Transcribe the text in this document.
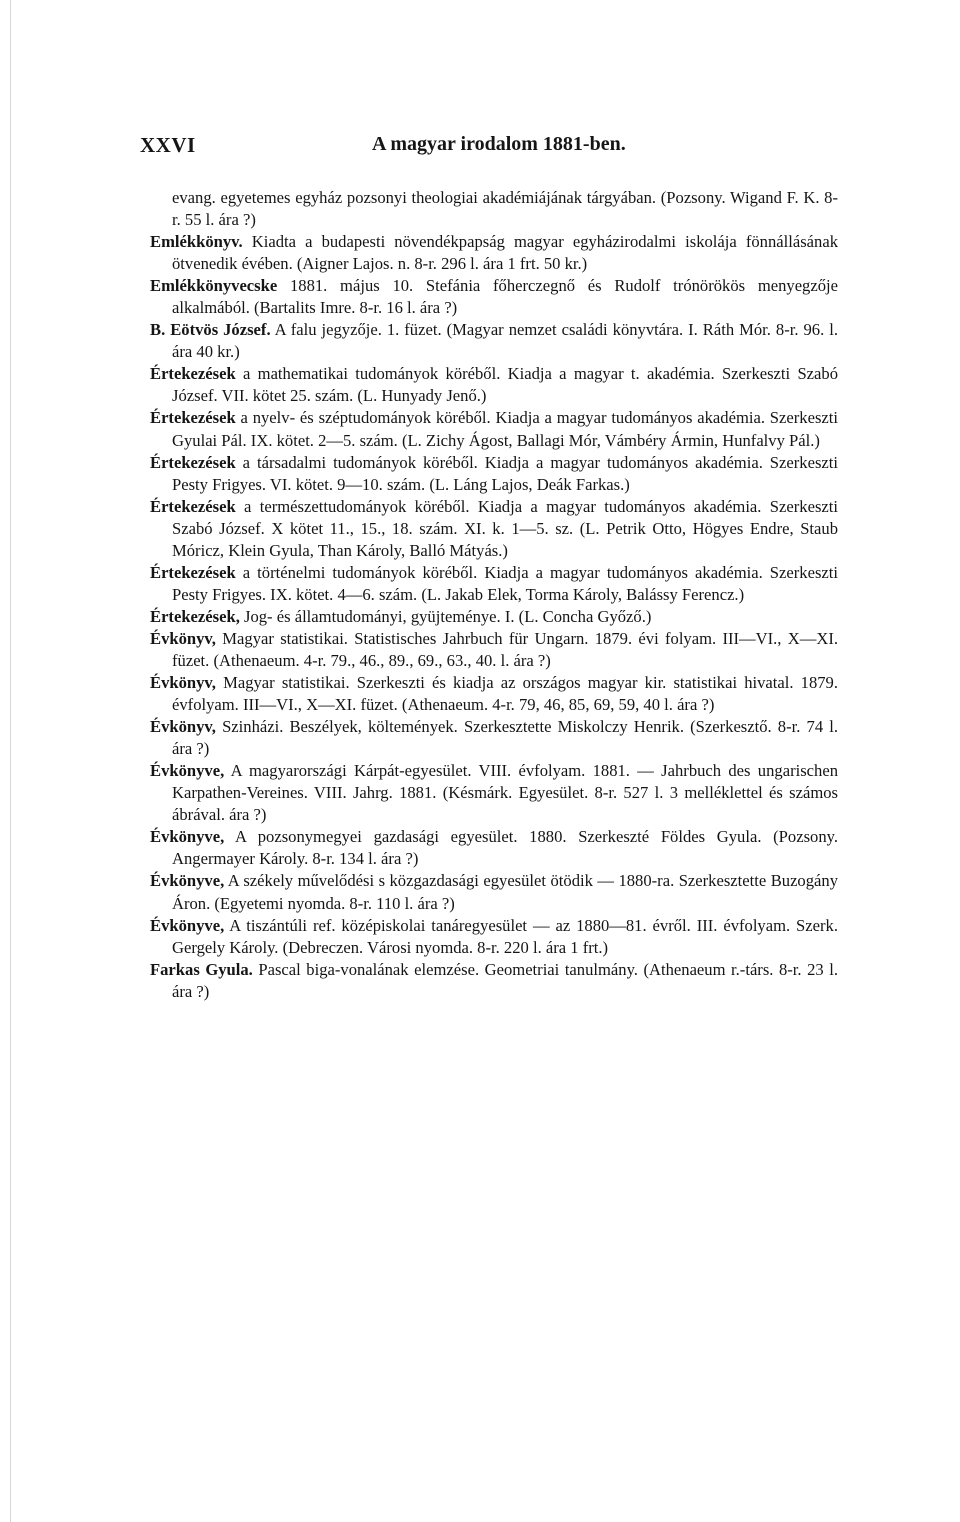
XXVI	A magyar irodalom 1881-ben.

evang. egyetemes egyház pozsonyi theologiai akadémiájának tárgyában. (Pozsony. Wigand F. K. 8-r. 55 l. ára ?)

Emlékkönyv. Kiadta a budapesti növendékpapság magyar egyházirodalmi iskolája fönnállásának ötvenedik évében. (Aigner Lajos. n. 8-r. 296 l. ára 1 frt. 50 kr.)

Emlékkönyvecske 1881. május 10. Stefánia főherczegnő és Rudolf trónörökös menyegzője alkalmából. (Bartalits Imre. 8-r. 16 l. ára ?)

B. Eötvös József. A falu jegyzője. 1. füzet. (Magyar nemzet családi könyvtára. I. Ráth Mór. 8-r. 96. l. ára 40 kr.)

Értekezések a mathematikai tudományok köréből. Kiadja a magyar t. akadémia. Szerkeszti Szabó József. VII. kötet 25. szám. (L. Hunyady Jenő.)

Értekezések a nyelv- és széptudományok köréből. Kiadja a magyar tudományos akadémia. Szerkeszti Gyulai Pál. IX. kötet. 2—5. szám. (L. Zichy Ágost, Ballagi Mór, Vámbéry Ármin, Hunfalvy Pál.)

Értekezések a társadalmi tudományok köréből. Kiadja a magyar tudományos akadémia. Szerkeszti Pesty Frigyes. VI. kötet. 9—10. szám. (L. Láng Lajos, Deák Farkas.)

Értekezések a természettudományok köréből. Kiadja a magyar tudományos akadémia. Szerkeszti Szabó József. X kötet 11., 15., 18. szám. XI. k. 1—5. sz. (L. Petrik Otto, Högyes Endre, Staub Móricz, Klein Gyula, Than Károly, Balló Mátyás.)

Értekezések a történelmi tudományok köréből. Kiadja a magyar tudományos akadémia. Szerkeszti Pesty Frigyes. IX. kötet. 4—6. szám. (L. Jakab Elek, Torma Károly, Balássy Ferencz.)

Értekezések, Jog- és államtudományi, gyüjteménye. I. (L. Concha Győző.)

Évkönyv, Magyar statistikai. Statistisches Jahrbuch für Ungarn. 1879. évi folyam. III—VI., X—XI. füzet. (Athenaeum. 4-r. 79., 46., 89., 69., 63., 40. l. ára ?)

Évkönyv, Magyar statistikai. Szerkeszti és kiadja az országos magyar kir. statistikai hivatal. 1879. évfolyam. III—VI., X—XI. füzet. (Athenaeum. 4-r. 79, 46, 85, 69, 59, 40 l. ára ?)

Évkönyv, Szinházi. Beszélyek, költemények. Szerkesztette Miskolczy Henrik. (Szerkesztő. 8-r. 74 l. ára ?)

Évkönyve, A magyarországi Kárpát-egyesület. VIII. évfolyam. 1881. — Jahrbuch des ungarischen Karpathen-Vereines. VIII. Jahrg. 1881. (Késmárk. Egyesület. 8-r. 527 l. 3 melléklettel és számos ábrával. ára ?)

Évkönyve, A pozsonymegyei gazdasági egyesület. 1880. Szerkeszté Földes Gyula. (Pozsony. Angermayer Károly. 8-r. 134 l. ára ?)

Évkönyve, A székely művelődési s közgazdasági egyesület ötödik — 1880-ra. Szerkesztette Buzogány Áron. (Egyetemi nyomda. 8-r. 110 l. ára ?)

Évkönyve, A tiszántúli ref. középiskolai tanáregyesület — az 1880—81. évről. III. évfolyam. Szerk. Gergely Károly. (Debreczen. Városi nyomda. 8-r. 220 l. ára 1 frt.)

Farkas Gyula. Pascal biga-vonalának elemzése. Geometriai tanulmány. (Athenaeum r.-társ. 8-r. 23 l. ára ?)
